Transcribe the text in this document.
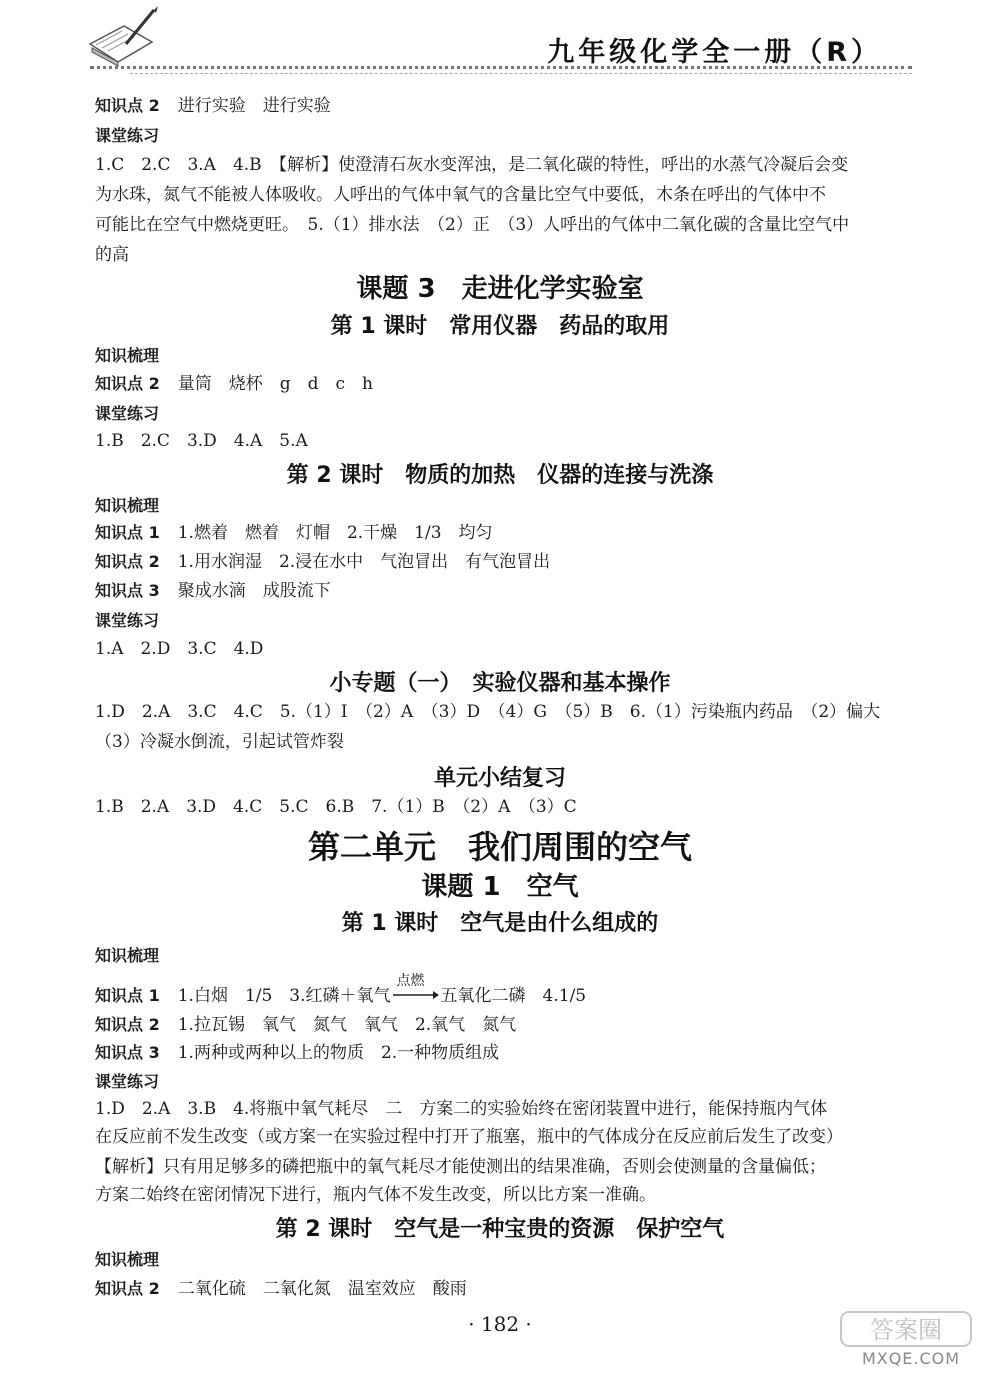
九年级化学全一册（R）
知识点 2 进行实验　进行实验
课堂练习
1.C　2.C　3.A　4.B　【解析】使澄清石灰水变浑浊，是二氧化碳的特性，呼出的水蒸气冷凝后会变
为水珠，氮气不能被人体吸收。人呼出的气体中氧气的含量比空气中要低，木条在呼出的气体中不
可能比在空气中燃烧更旺。　5.（1）排水法　（2）正　（3）人呼出的气体中二氧化碳的含量比空气中
的高
课题 3　走进化学实验室
第 1 课时　常用仪器　药品的取用
知识梳理
知识点 2 量筒　烧杯　g　d　c　h
课堂练习
1.B　2.C　3.D　4.A　5.A
第 2 课时　物质的加热　仪器的连接与洗涤
知识梳理
知识点 1 1.燃着　燃着　灯帽　2.干燥　1/3　均匀
知识点 2 1.用水润湿　2.浸在水中　气泡冒出　有气泡冒出
知识点 3 聚成水滴　成股流下
课堂练习
1.A　2.D　3.C　4.D
小专题（一）　实验仪器和基本操作
1.D　2.A　3.C　4.C　5.（1）I　（2）A　（3）D　（4）G　（5）B　6.（1）污染瓶内药品　（2）偏大
（3）冷凝水倒流，引起试管炸裂
单元小结复习
1.B　2.A　3.D　4.C　5.C　6.B　7.（1）B　（2）A　（3）C
第二单元　我们周围的空气
课题 1　空气
第 1 课时　空气是由什么组成的
知识梳理
知识点 1 1.白烟　1/5　3.红磷＋氧气
点燃
五氧化二磷　4.1/5
知识点 2 1.拉瓦锡　氧气　氮气　氧气　2.氧气　氮气
知识点 3 1.两种或两种以上的物质　2.一种物质组成
课堂练习
1.D　2.A　3.B　4.将瓶中氧气耗尽　二　方案二的实验始终在密闭装置中进行，能保持瓶内气体
在反应前不发生改变（或方案一在实验过程中打开了瓶塞，瓶中的气体成分在反应前后发生了改变）
【解析】只有用足够多的磷把瓶中的氧气耗尽才能使测出的结果准确，否则会使测量的含量偏低；
方案二始终在密闭情况下进行，瓶内气体不发生改变，所以比方案一准确。
第 2 课时　空气是一种宝贵的资源　保护空气
知识梳理
知识点 2 二氧化硫　二氧化氮　温室效应　酸雨
· 182 ·	答案圈
MXQE.COM
